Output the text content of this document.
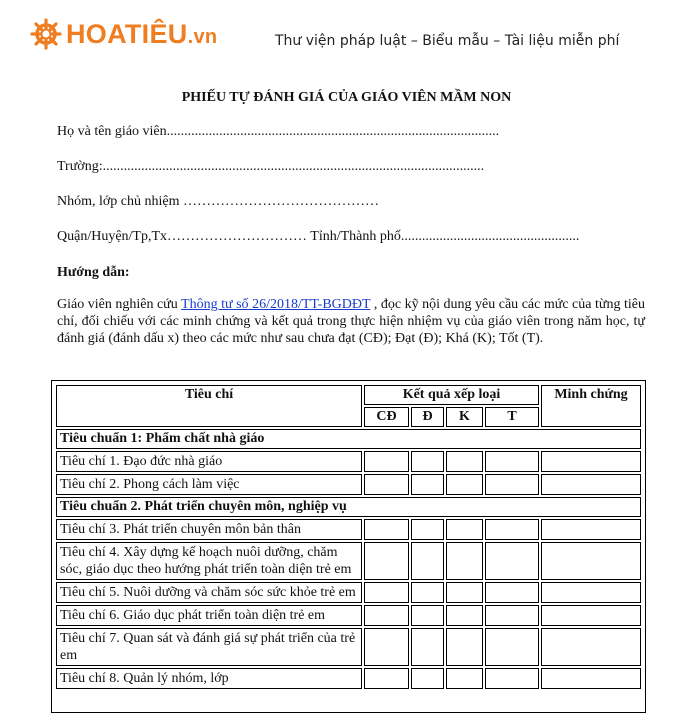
HOATIÊU.vn	Thư viện pháp luật – Biểu mẫu – Tài liệu miễn phí
PHIẾU TỰ ĐÁNH GIÁ CỦA GIÁO VIÊN MẦM NON
Họ và tên giáo viên...............................................................................................
Trường:.............................................................................................................
Nhóm, lớp chủ nhiệm ……………………………………
Quận/Huyện/Tp,Tx………………………… Tỉnh/Thành phố...................................................
Hướng dẫn:
Giáo viên nghiên cứu Thông tư số 26/2018/TT-BGDĐT , đọc kỹ nội dung yêu cầu các mức của từng tiêu chí, đối chiếu với các minh chứng và kết quả trong thực hiện nhiệm vụ của giáo viên trong năm học, tự đánh giá (đánh dấu x) theo các mức như sau chưa đạt (CĐ); Đạt (Đ); Khá (K); Tốt (T).
Tiêu chí	Kết quả xếp loại				Minh chứng
	CĐ	Đ	K	T	
Tiêu chuẩn 1: Phẩm chất nhà giáo					
Tiêu chí 1. Đạo đức nhà giáo					
Tiêu chí 2. Phong cách làm việc					
Tiêu chuẩn 2. Phát triển chuyên môn, nghiệp vụ					
Tiêu chí 3. Phát triển chuyên môn bản thân					
Tiêu chí 4. Xây dựng kế hoạch nuôi dưỡng, chăm sóc, giáo dục theo hướng phát triển toàn diện trẻ em					
Tiêu chí 5. Nuôi dưỡng và chăm sóc sức khỏe trẻ em					
Tiêu chí 6. Giáo dục phát triển toàn diện trẻ em					
Tiêu chí 7. Quan sát và đánh giá sự phát triển của trẻ em					
Tiêu chí 8. Quản lý nhóm, lớp					
